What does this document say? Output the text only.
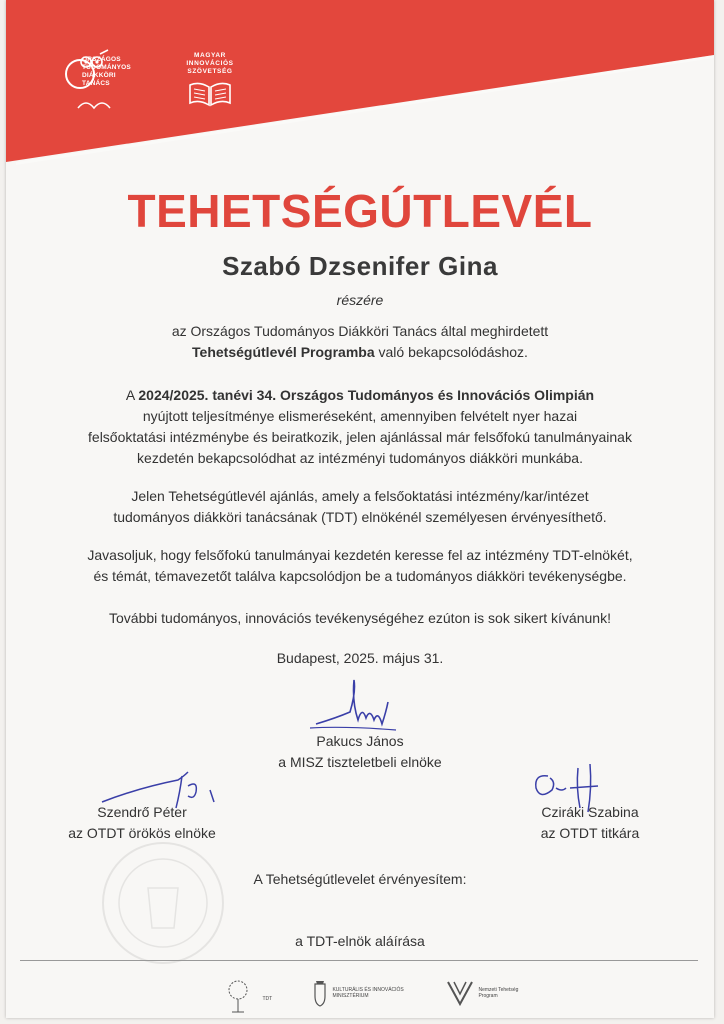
ORSZÁGOS
TUDOMÁNYOS
DIÁKKÖRI
TANÁCS
MAGYAR
INNOVÁCIÓS
SZÖVETSÉG
TEHETSÉGÚTLEVÉL
Szabó Dzsenifer Gina
részére
az Országos Tudományos Diákköri Tanács által meghirdetett
Tehetségútlevél Programba való bekapcsolódáshoz.
A 2024/2025. tanévi 34. Országos Tudományos és Innovációs Olimpián
nyújtott teljesítménye elismeréseként, amennyiben felvételt nyer hazai
felsőoktatási intézménybe és beiratkozik, jelen ajánlással már felsőfokú tanulmányainak
kezdetén bekapcsolódhat az intézményi tudományos diákköri munkába.
Jelen Tehetségútlevél ajánlás, amely a felsőoktatási intézmény/kar/intézet
tudományos diákköri tanácsának (TDT) elnökénél személyesen érvényesíthető.
Javasoljuk, hogy felsőfokú tanulmányai kezdetén keresse fel az intézmény TDT-elnökét,
és témát, témavezetőt találva kapcsolódjon be a tudományos diákköri tevékenységbe.
További tudományos, innovációs tevékenységéhez ezúton is sok sikert kívánunk!
Budapest, 2025. május 31.
Pakucs János
a MISZ tiszteletbeli elnöke
Szendrő Péter
az OTDT örökös elnöke
Cziráki Szabina
az OTDT titkára
A Tehetségútlevelet érvényesítem:
a TDT-elnök aláírása
TDT

KULTURÁLIS ÉS INNOVÁCIÓS
MINISZTÉRIUM

Nemzeti Tehetség
Program
